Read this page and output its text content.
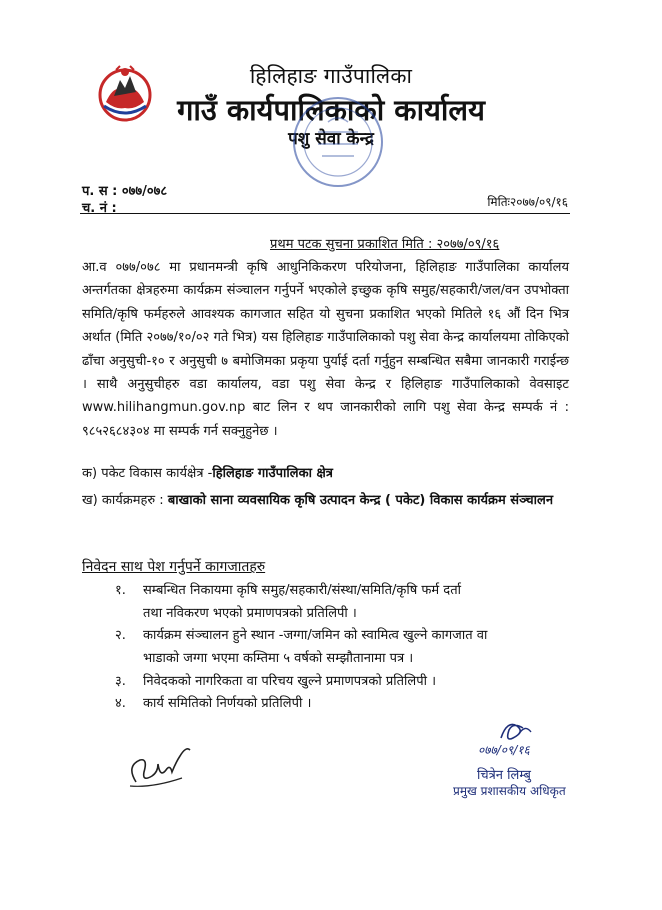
हिलिहाङ गाउँपालिका
गाउँ कार्यपालिकाको कार्यालय
पशु सेवा केन्द्र
प. स : ०७७/०७८
च. नं :	मितिः२०७७/०९/१६
प्रथम पटक सुचना प्रकाशित मिति : २०७७/०९/१६
आ.व ०७७/०७८ मा प्रधानमन्त्री कृषि आधुनिकिकरण परियोजना, हिलिहाङ गाउँपालिका कार्यालय अन्तर्गतका क्षेत्रहरुमा कार्यक्रम संञ्चालन गर्नुपर्ने भएकोले इच्छुक कृषि समुह/सहकारी/जल/वन उपभोक्ता समिति/कृषि फर्महरुले आवश्यक कागजात सहित यो सुचना प्रकाशित भएको मितिले १६ औं दिन भित्र अर्थात (मिति २०७७/१०/०२ गते भित्र) यस हिलिहाङ गाउँपालिकाको पशु सेवा केन्द्र कार्यालयमा तोकिएको ढाँचा अनुसुची-१० र अनुसुची ७ बमोजिमका प्रकृया पुर्याई दर्ता गर्नुहुन सम्बन्धित सबैमा जानकारी गराईन्छ । साथै अनुसुचीहरु वडा कार्यालय, वडा पशु सेवा केन्द्र र हिलिहाङ गाउँपालिकाको वेवसाइट www.hilihangmun.gov.np बाट लिन र थप जानकारीको लागि पशु सेवा केन्द्र सम्पर्क नं : ९८५२६८४३०४ मा सम्पर्क गर्न सक्नुहुनेछ ।
क) पकेट विकास कार्यक्षेत्र -हिलिहाङ गाउँपालिका क्षेत्र
ख) कार्यक्रमहरु : बाखाको साना व्यवसायिक कृषि उत्पादन केन्द्र ( पकेट) विकास कार्यक्रम संञ्चालन
निवेदन साथ पेश गर्नुपर्ने कागजातहरु
१. सम्बन्धित निकायमा कृषि समुह/सहकारी/संस्था/समिति/कृषि फर्म दर्ता
तथा नविकरण भएको प्रमाणपत्रको प्रतिलिपी ।
२. कार्यक्रम संञ्चालन हुने स्थान -जग्गा/जमिन को स्वामित्व खुल्ने कागजात वा
भाडाको जग्गा भएमा कम्तिमा ५ वर्षको सम्झौतानामा पत्र ।
३. निवेदकको नागरिकता वा परिचय खुल्ने प्रमाणपत्रको प्रतिलिपी ।
४. कार्य समितिको निर्णयको प्रतिलिपी ।
०७७/०९/१६
चित्रेन लिम्बु
प्रमुख प्रशासकीय अधिकृत
